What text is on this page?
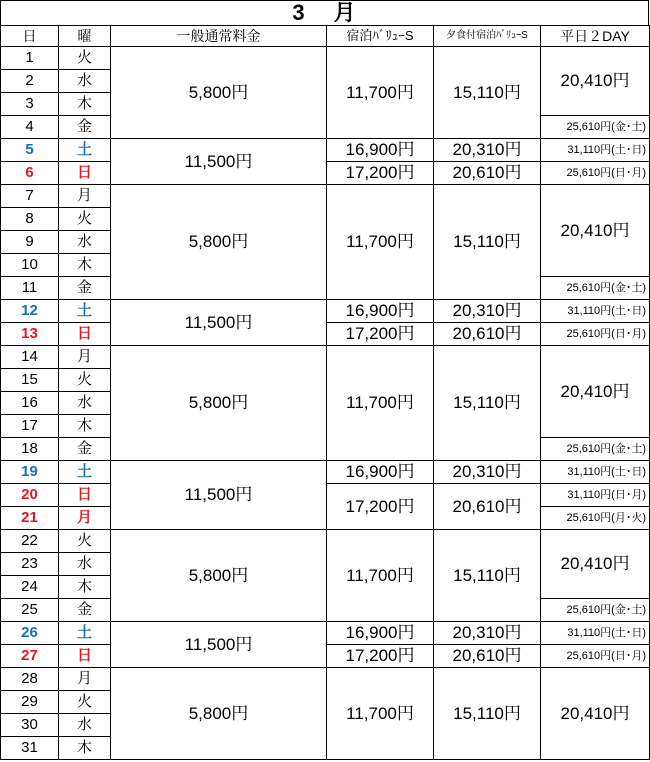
3 月
日	曜	一般通常料金	宿泊ﾊﾞﾘｭｰS	夕食付宿泊ﾊﾞﾘｭｰS	平日２DAY
1	火	5,800円	11,700円	15,110円	20,410円
2	水				
3	木				
4	金				25,610円(金･土)
5	土	11,500円	16,900円	20,310円	31,110円(土･日)
6	日		17,200円	20,610円	25,610円(日･月)
7	月	5,800円	11,700円	15,110円	20,410円
8	火				
9	水				
10	木				
11	金				25,610円(金･土)
12	土	11,500円	16,900円	20,310円	31,110円(土･日)
13	日		17,200円	20,610円	25,610円(日･月)
14	月	5,800円	11,700円	15,110円	20,410円
15	火				
16	水				
17	木				
18	金				25,610円(金･土)
19	土	11,500円	16,900円	20,310円	31,110円(土･日)
20	日		17,200円	20,610円	31,110円(日･月)
21	月				25,610円(月･火)
22	火	5,800円	11,700円	15,110円	20,410円
23	水				
24	木				
25	金				25,610円(金･土)
26	土	11,500円	16,900円	20,310円	31,110円(土･日)
27	日		17,200円	20,610円	25,610円(日･月)
28	月	5,800円	11,700円	15,110円	20,410円
29	火				
30	水				
31	木				
